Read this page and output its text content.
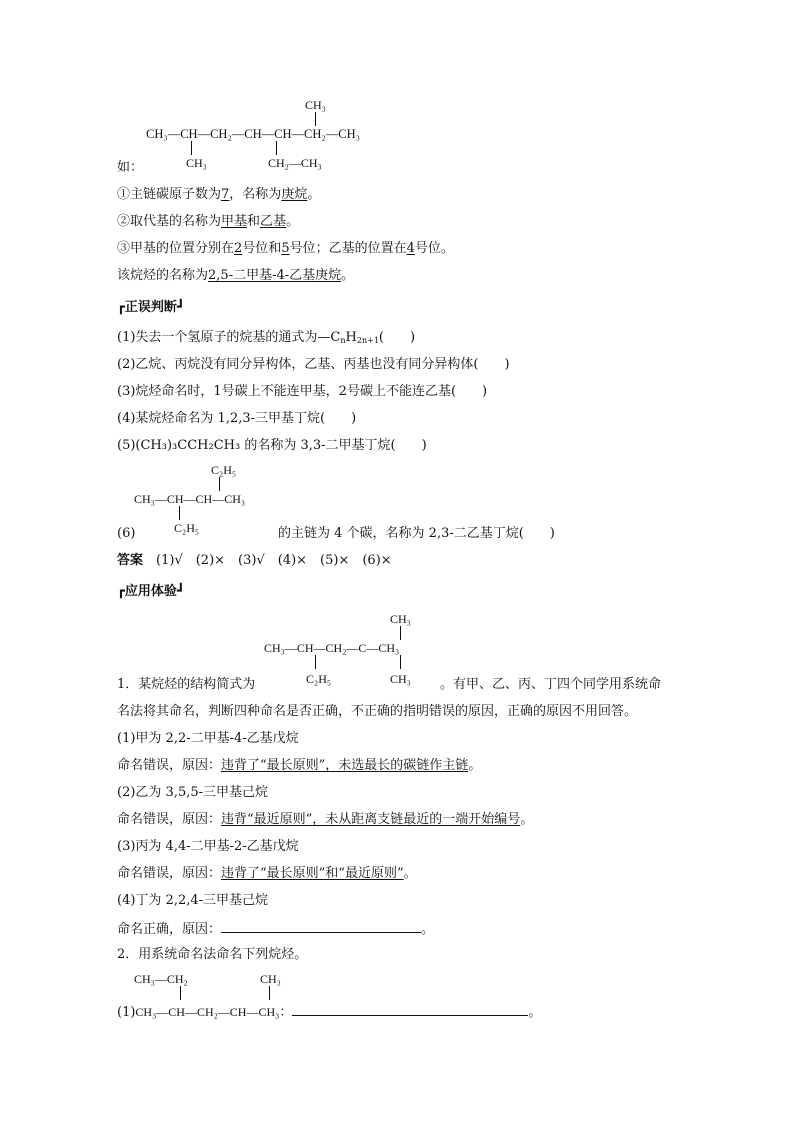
CH₃
CH₃—CH—CH₂—CH—CH—CH₂—CH₃
CH₃	CH₂—CH₃
如：
①主链碳原子数为7，名称为庚烷。
②取代基的名称为甲基和乙基。
③甲基的位置分别在2号位和5号位；乙基的位置在4号位。
该烷烃的名称为2,5-二甲基-4-乙基庚烷。
┏正误判断┛
(1)失去一个氢原子的烷基的通式为$—C_nH_{2n+1}$(　　)
(2)乙烷、丙烷没有同分异构体，乙基、丙基也没有同分异构体(　　)
(3)烷烃命名时，1号碳上不能连甲基，2号碳上不能连乙基(　　)
(4)某烷烃命名为 1,2,3-三甲基丁烷(　　)
(5)(CH₃)₃CCH₂CH₃ 的名称为 3,3-二甲基丁烷(　　)
C₂H₅
CH₃—CH—CH—CH₃
C₂H₅
(6)	的主链为 4 个碳，名称为 2,3-二乙基丁烷(　　)
答案　 (1)√　(2)×　(3)√　(4)×　(5)×　(6)×
┏应用体验┛
CH₃
CH₃—CH—CH₂—C—CH₃
C₂H₅	CH₃
1．某烷烃的结构简式为	。有甲、乙、丙、丁四个同学用系统命
名法将其命名，判断四种命名是否正确，不正确的指明错误的原因，正确的原因不用回答。
(1)甲为 2,2-二甲基-4-乙基戊烷
命名错误，原因：违背了“最长原则”，未选最长的碳链作主链。
(2)乙为 3,5,5-三甲基己烷
命名错误，原因：违背“最近原则”，未从距离支链最近的一端开始编号。
(3)丙为 4,4-二甲基-2-乙基戊烷
命名错误，原因：违背了“最长原则”和“最近原则”。
(4)丁为 2,2,4-三甲基己烷
命名正确，原因：	。
2．用系统命名法命名下列烷烃。
CH₃—CH₂	CH₃
(1)CH₃—CH—CH₂—CH—CH₃：	。
